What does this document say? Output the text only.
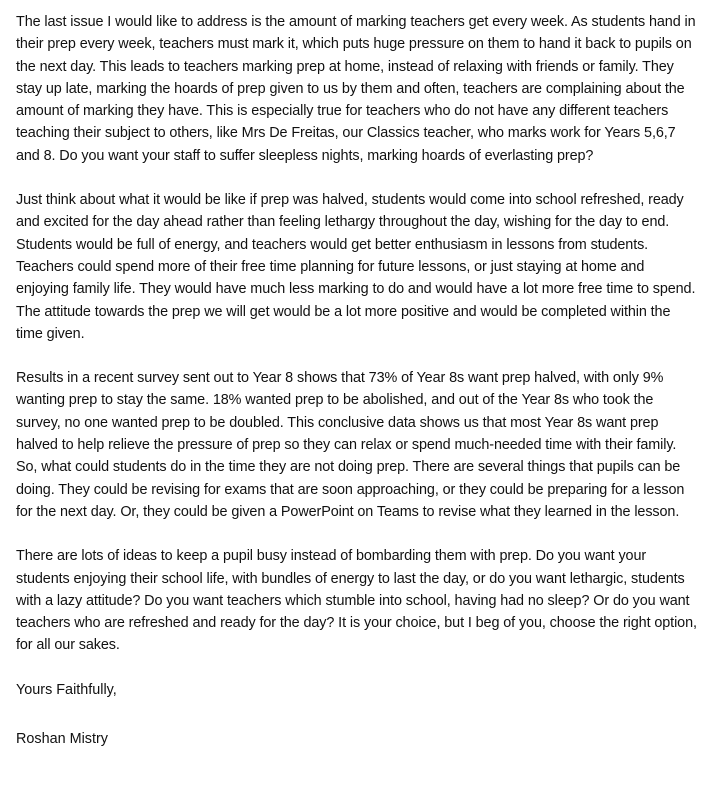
The last issue I would like to address is the amount of marking teachers get every week. As students hand in their prep every week, teachers must mark it, which puts huge pressure on them to hand it back to pupils on the next day. This leads to teachers marking prep at home, instead of relaxing with friends or family. They stay up late, marking the hoards of prep given to us by them and often, teachers are complaining about the amount of marking they have. This is especially true for teachers who do not have any different teachers teaching their subject to others, like Mrs De Freitas, our Classics teacher, who marks work for Years 5,6,7 and 8. Do you want your staff to suffer sleepless nights, marking hoards of everlasting prep?

Just think about what it would be like if prep was halved, students would come into school refreshed, ready and excited for the day ahead rather than feeling lethargy throughout the day, wishing for the day to end. Students would be full of energy, and teachers would get better enthusiasm in lessons from students. Teachers could spend more of their free time planning for future lessons, or just staying at home and enjoying family life. They would have much less marking to do and would have a lot more free time to spend. The attitude towards the prep we will get would be a lot more positive and would be completed within the time given.

Results in a recent survey sent out to Year 8 shows that 73% of Year 8s want prep halved, with only 9% wanting prep to stay the same. 18% wanted prep to be abolished, and out of the Year 8s who took the survey, no one wanted prep to be doubled. This conclusive data shows us that most Year 8s want prep halved to help relieve the pressure of prep so they can relax or spend much-needed time with their family. So, what could students do in the time they are not doing prep. There are several things that pupils can be doing. They could be revising for exams that are soon approaching, or they could be preparing for a lesson for the next day. Or, they could be given a PowerPoint on Teams to revise what they learned in the lesson.

There are lots of ideas to keep a pupil busy instead of bombarding them with prep. Do you want your students enjoying their school life, with bundles of energy to last the day, or do you want lethargic, students with a lazy attitude? Do you want teachers which stumble into school, having had no sleep? Or do you want teachers who are refreshed and ready for the day? It is your choice, but I beg of you, choose the right option, for all our sakes.

Yours Faithfully,

Roshan Mistry
